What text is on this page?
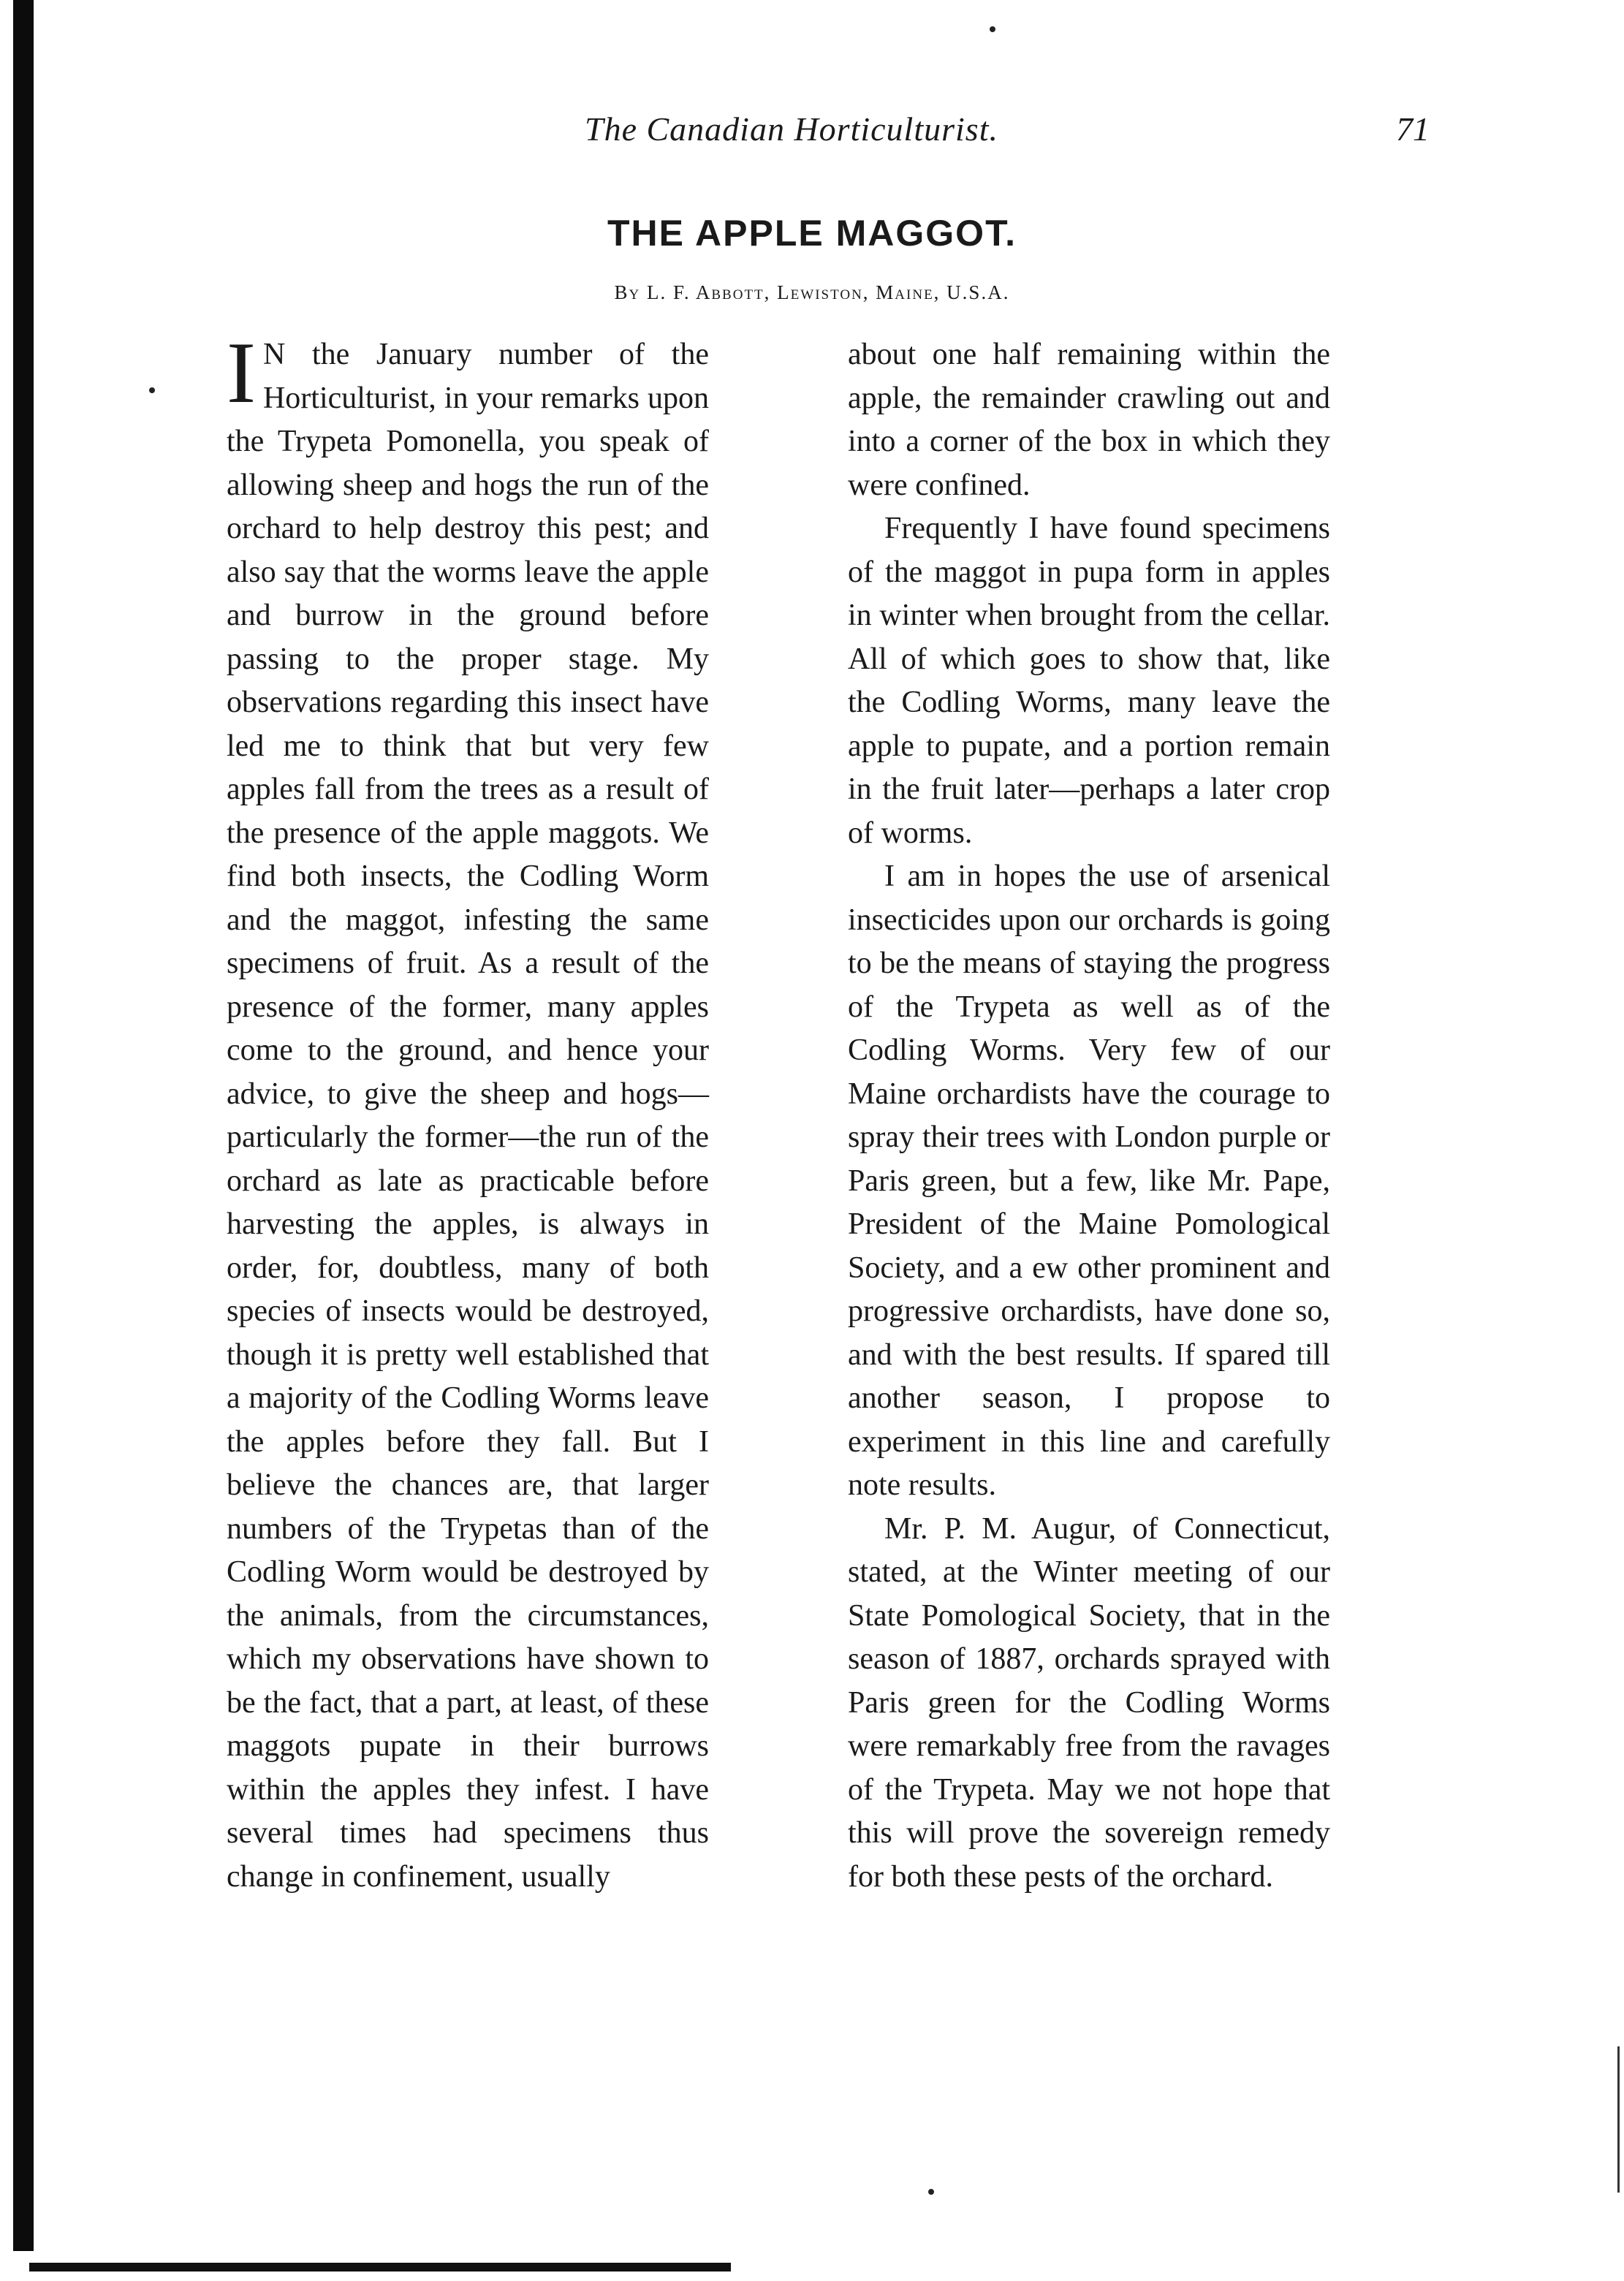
The Canadian Horticulturist.	71
THE APPLE MAGGOT.
By L. F. Abbott, Lewiston, Maine, U.S.A.

I N the January number of the Horticulturist, in your remarks upon the Trypeta Pomonella, you speak of allowing sheep and hogs the run of the orchard to help destroy this pest; and also say that the worms leave the apple and burrow in the ground before passing to the proper stage. My observations regarding this insect have led me to think that but very few apples fall from the trees as a result of the presence of the apple maggots. We find both insects, the Codling Worm and the maggot, infesting the same specimens of fruit. As a result of the presence of the former, many apples come to the ground, and hence your advice, to give the sheep and hogs—particularly the former—the run of the orchard as late as practicable before harvesting the apples, is always in order, for, doubtless, many of both species of insects would be destroyed, though it is pretty well established that a majority of the Codling Worms leave the apples before they fall. But I believe the chances are, that larger numbers of the Trypetas than of the Codling Worm would be destroyed by the animals, from the circumstances, which my observations have shown to be the fact, that a part, at least, of these maggots pupate in their burrows within the apples they infest. I have several times had specimens thus change in confinement, usually

about one half remaining within the apple, the remainder crawling out and into a corner of the box in which they were confined.

Frequently I have found specimens of the maggot in pupa form in apples in winter when brought from the cellar. All of which goes to show that, like the Codling Worms, many leave the apple to pupate, and a portion remain in the fruit later—perhaps a later crop of worms.

I am in hopes the use of arsenical insecticides upon our orchards is going to be the means of staying the progress of the Trypeta as well as of the Codling Worms. Very few of our Maine orchardists have the courage to spray their trees with London purple or Paris green, but a few, like Mr. Pape, President of the Maine Pomological Society, and a ew other prominent and progressive orchardists, have done so, and with the best results. If spared till another season, I propose to experiment in this line and carefully note results.

Mr. P. M. Augur, of Connecticut, stated, at the Winter meeting of our State Pomological Society, that in the season of 1887, orchards sprayed with Paris green for the Codling Worms were remarkably free from the ravages of the Trypeta. May we not hope that this will prove the sovereign remedy for both these pests of the orchard.
